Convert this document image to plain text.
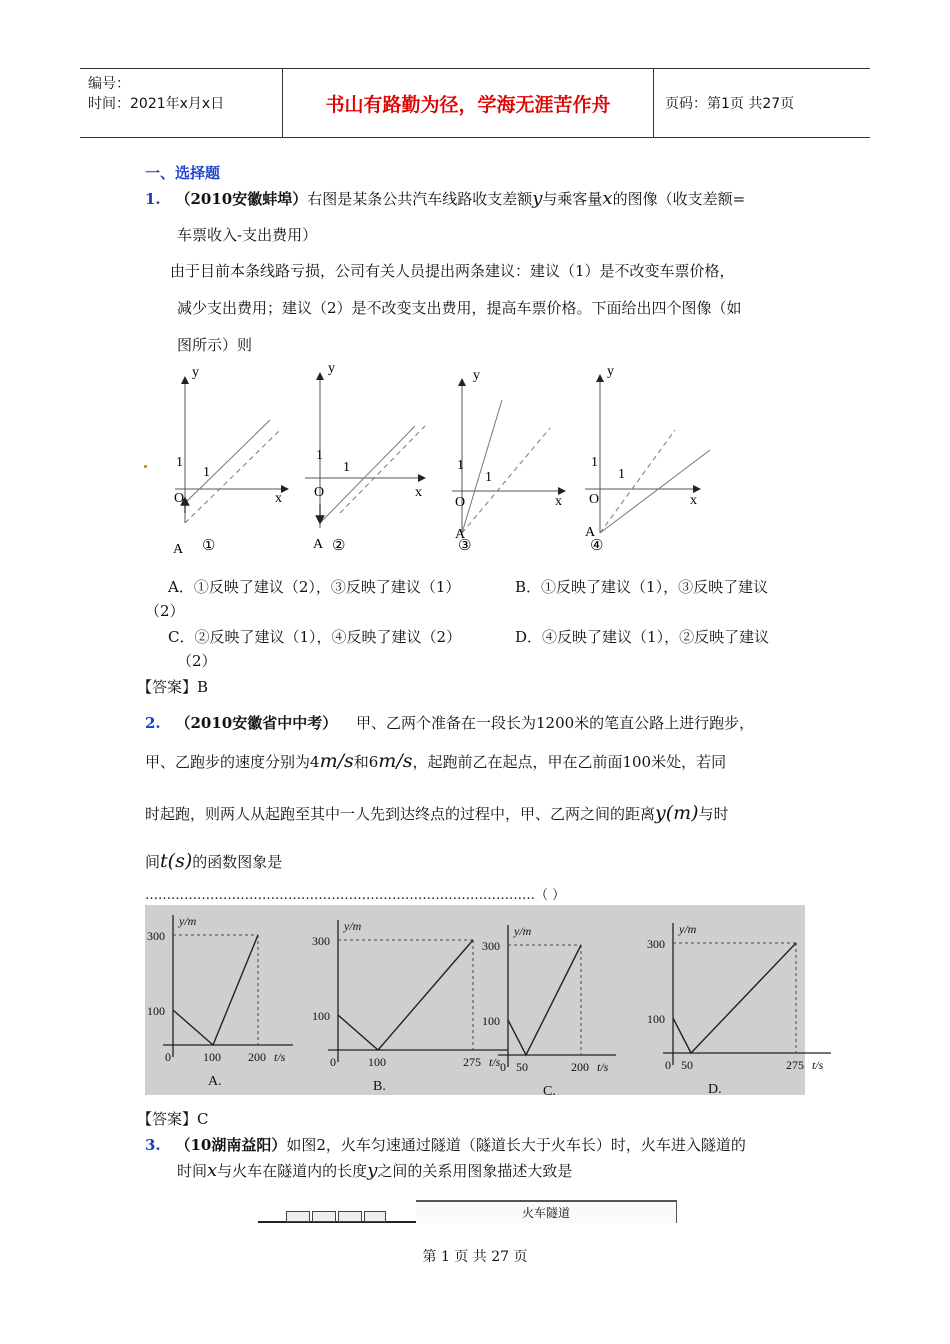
编号：
时间：2021年x月x日	书山有路勤为径，学海无涯苦作舟	页码：第1页 共27页
一、选择题
1. （2010安徽蚌埠）右图是某条公共汽车线路收支差额y与乘客量x的图像（收支差额=
车票收入-支出费用）
由于目前本条线路亏损，公司有关人员提出两条建议：建议（1）是不改变车票价格，
减少支出费用；建议（2）是不改变支出费用，提高车票价格。下面给出四个图像（如
图所示）则
y
x
O
1
1
A ①
y
x
O
1
1
A ②
y
x
O
1
1
A
③
y
x
O
1
1
A
④
A．①反映了建议（2），③反映了建议（1）	B．①反映了建议（1），③反映了建议
（2）
C．②反映了建议（1），④反映了建议（2）	D．④反映了建议（1），②反映了建议
（2）
【答案】B
2. （2010安徽省中中考） 甲、乙两个准备在一段长为1200米的笔直公路上进行跑步，
甲、乙跑步的速度分别为4m/s和6m/s，起跑前乙在起点，甲在乙前面100米处，若同
时起跑，则两人从起跑至其中一人先到达终点的过程中，甲、乙两之间的距离y(m)与时
间t(s)的函数图象是
………………………………………………………………………………（ ）
y/m
300
100
0	100 200 t/s
A.
y/m
300
100
0	100	275 t/s
B.
y/m
300
100
0 50	200 t/s
C.
y/m
300
100
0 50	275 t/s
D.
【答案】C
3. （10湖南益阳）如图2，火车匀速通过隧道（隧道长大于火车长）时，火车进入隧道的
时间x与火车在隧道内的长度y之间的关系用图象描述大致是
火车隧道
第 1 页 共 27 页
